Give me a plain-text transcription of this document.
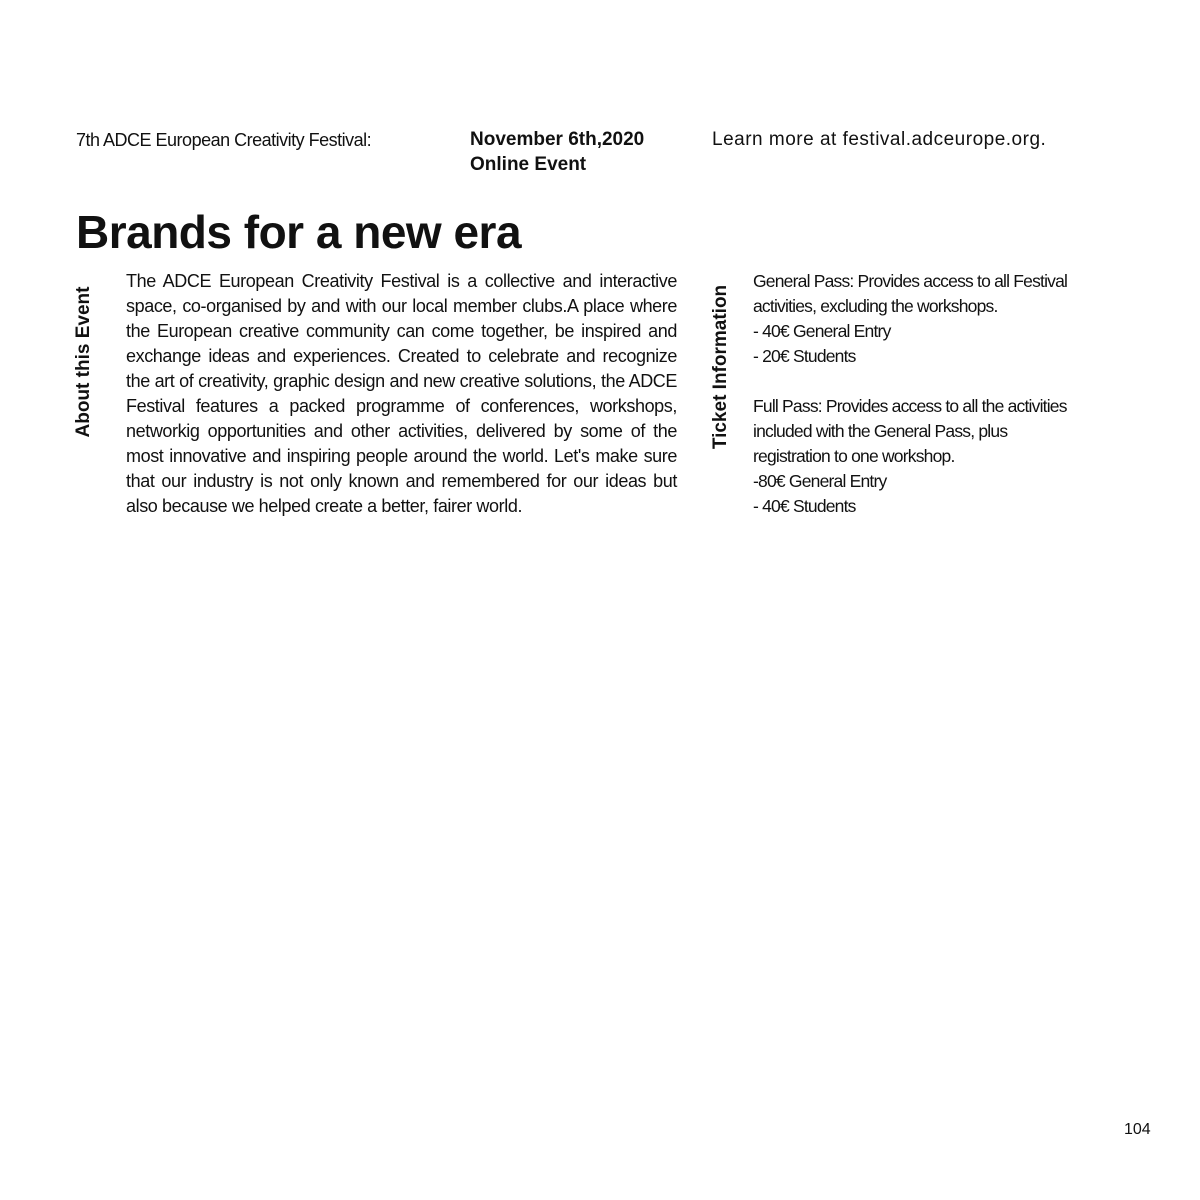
7th ADCE European Creativity Festival:	November 6th,2020
Online Event
Learn more at festival.adceurope.org.
Brands for a new era
About this Event

The ADCE European Creativity Festival is a collective and interactive space, co-organised by and with our local member clubs.A place where the European creative community can come together, be inspired and exchange ideas and experiences. Created to celebrate and recognize the art of creativity, graphic design and new creative solutions, the ADCE Festival features a packed programme of conferences, workshops, networkig opportunities and other activities, delivered by some of the most innovative and inspiring people around the world. Let's make sure that our industry is not only known and remembered for our ideas but also because we helped create a better, fairer world.

Ticket Information

General Pass: Provides access to all Festival activities, excluding the workshops.

- 40€ General Entry

- 20€ Students

Full Pass: Provides access to all the activities included with the General Pass, plus registration to one workshop.

-80€ General Entry

- 40€ Students

104
